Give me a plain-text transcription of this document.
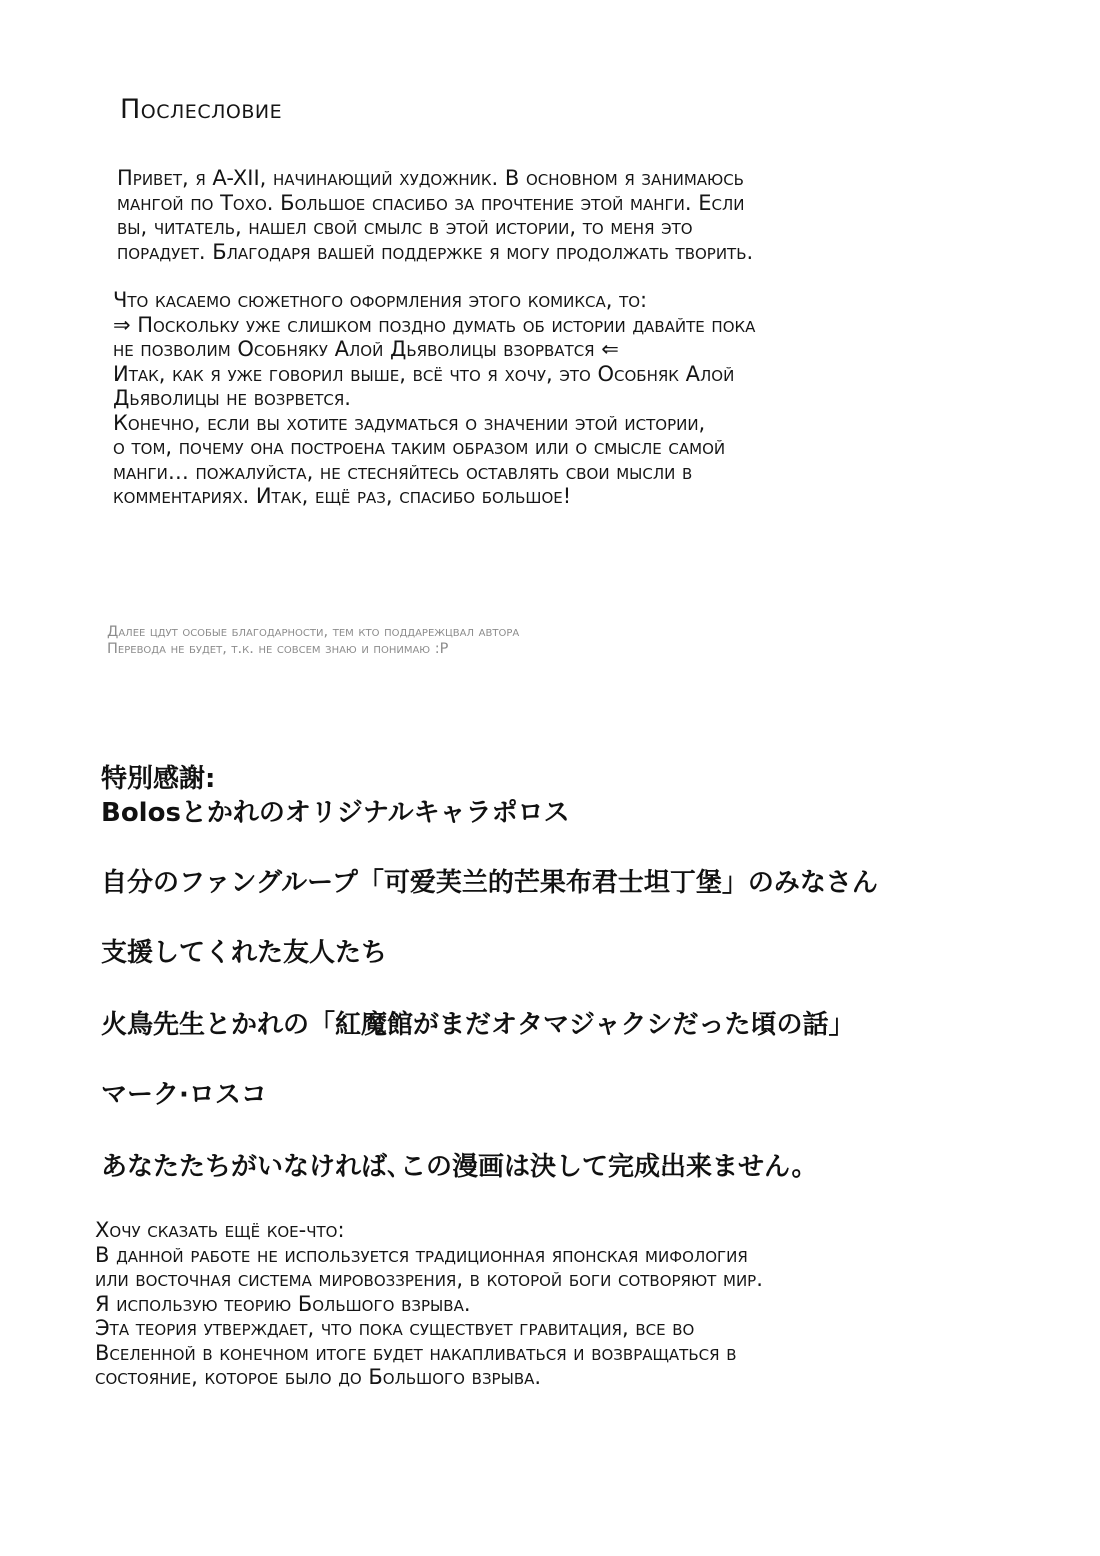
Послесловие
Привет, я A-XII, начинающий художник. В основном я занимаюсь
мангой по Тохо. Большое спасибо за прочтение этой манги. Если
вы, читатель, нашел свой смылс в этой истории, то меня это
порадует. Благодаря вашей поддержке я могу продолжать творить.
Что касаемо сюжетного оформления этого комикса, то:
⇒ Поскольку уже слишком поздно думать об истории давайте пока
не позволим Особняку Алой Дьяволицы взорватся ⇐
Итак, как я уже говорил выше, всё что я хочу, это Особняк Алой
Дьяволицы не возрвется.
Конечно, если вы хотите задуматься о значении этой истории,
о том, почему она построена таким образом или о смысле самой
манги… пожалуйста, не стесняйтесь оставлять свои мысли в
комментариях. Итак, ещё раз, спасибо большое!
Далее цдут особые благодарности, тем кто поддарежцвал автора
Перевода не будет, т.к. не совсем знаю и понимаю :Р
特別感謝:
Bolosとかれのオリジナルキャラポロス
自分のファングループ「可爱芙兰的芒果布君士坦丁堡」のみなさん
支援してくれた友人たち
火鳥先生とかれの「紅魔館がまだオタマジャクシだった頃の話」
マーク·ロスコ
あなたたちがいなければ､この漫画は決して完成出来ません。
Хочу сказать ещё кое-что:
В данной работе не используется традиционная японская мифология
или восточная система мировоззрения, в которой боги сотворяют мир.
Я использую теорию Большого взрыва.
Эта теория утверждает, что пока существует гравитация, все во
Вселенной в конечном итоге будет накапливаться и возвращаться в
состояние, которое было до Большого взрыва.
